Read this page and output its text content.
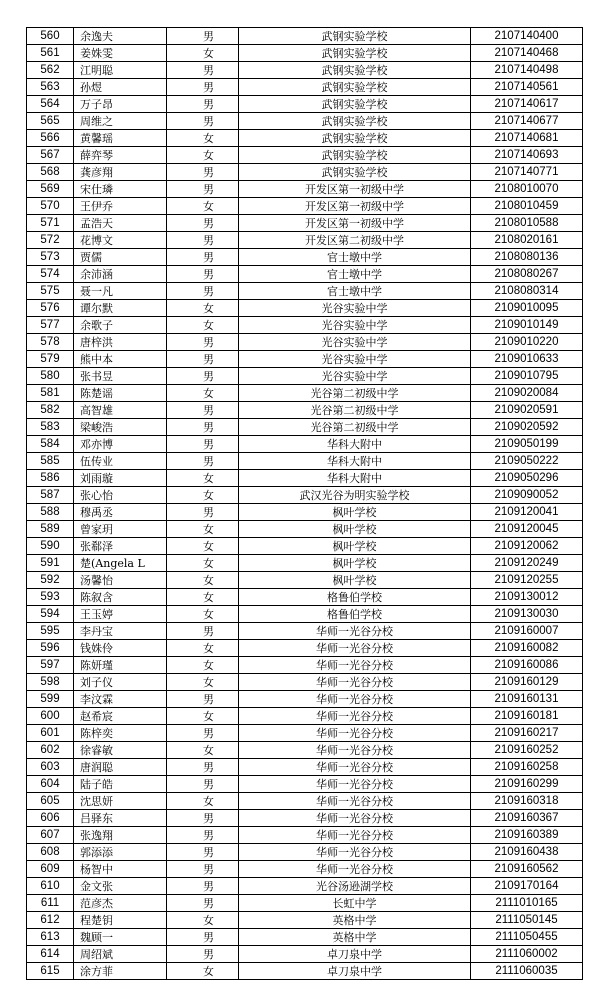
560	余逸夫	男	武钢实验学校	2107140400
561	姜姝雯	女	武钢实验学校	2107140468
562	江明聪	男	武钢实验学校	2107140498
563	孙煜	男	武钢实验学校	2107140561
564	万子昂	男	武钢实验学校	2107140617
565	周维之	男	武钢实验学校	2107140677
566	黄馨瑶	女	武钢实验学校	2107140681
567	薛弈琴	女	武钢实验学校	2107140693
568	龚彦翔	男	武钢实验学校	2107140771
569	宋仕璘	男	开发区第一初级中学	2108010070
570	王伊乔	女	开发区第一初级中学	2108010459
571	孟浩天	男	开发区第一初级中学	2108010588
572	花博文	男	开发区第二初级中学	2108020161
573	贾儒	男	官士墩中学	2108080136
574	余沛涵	男	官士墩中学	2108080267
575	聂一凡	男	官士墩中学	2108080314
576	谭尔默	女	光谷实验中学	2109010095
577	余歌子	女	光谷实验中学	2109010149
578	唐梓洪	男	光谷实验中学	2109010220
579	熊中本	男	光谷实验中学	2109010633
580	张书昱	男	光谷实验中学	2109010795
581	陈楚谣	女	光谷第二初级中学	2109020084
582	高智雄	男	光谷第二初级中学	2109020591
583	梁峻浩	男	光谷第二初级中学	2109020592
584	邓亦博	男	华科大附中	2109050199
585	伍传业	男	华科大附中	2109050222
586	刘雨璇	女	华科大附中	2109050296
587	张心怡	女	武汉光谷为明实验学校	2109090052
588	穆禹丞	男	枫叶学校	2109120041
589	曾家玥	女	枫叶学校	2109120045
590	张郗泽	女	枫叶学校	2109120062
591	楚(Angela L	女	枫叶学校	2109120249
592	汤馨怡	女	枫叶学校	2109120255
593	陈叙含	女	格鲁伯学校	2109130012
594	王玉婷	女	格鲁伯学校	2109130030
595	李丹宝	男	华师一光谷分校	2109160007
596	钱姝伶	女	华师一光谷分校	2109160082
597	陈妍瑾	女	华师一光谷分校	2109160086
598	刘子仪	女	华师一光谷分校	2109160129
599	李汶霖	男	华师一光谷分校	2109160131
600	赵希宸	女	华师一光谷分校	2109160181
601	陈梓奕	男	华师一光谷分校	2109160217
602	徐睿敏	女	华师一光谷分校	2109160252
603	唐润聪	男	华师一光谷分校	2109160258
604	陆子皓	男	华师一光谷分校	2109160299
605	沈思妍	女	华师一光谷分校	2109160318
606	吕驿东	男	华师一光谷分校	2109160367
607	张逸翔	男	华师一光谷分校	2109160389
608	郭添添	男	华师一光谷分校	2109160438
609	杨智中	男	华师一光谷分校	2109160562
610	金文张	男	光谷汤逊湖学校	2109170164
611	范彦杰	男	长虹中学	2111010165
612	程楚钥	女	英格中学	2111050145
613	魏顾一	男	英格中学	2111050455
614	周绍斌	男	卓刀泉中学	2111060002
615	涂方菲	女	卓刀泉中学	2111060035
